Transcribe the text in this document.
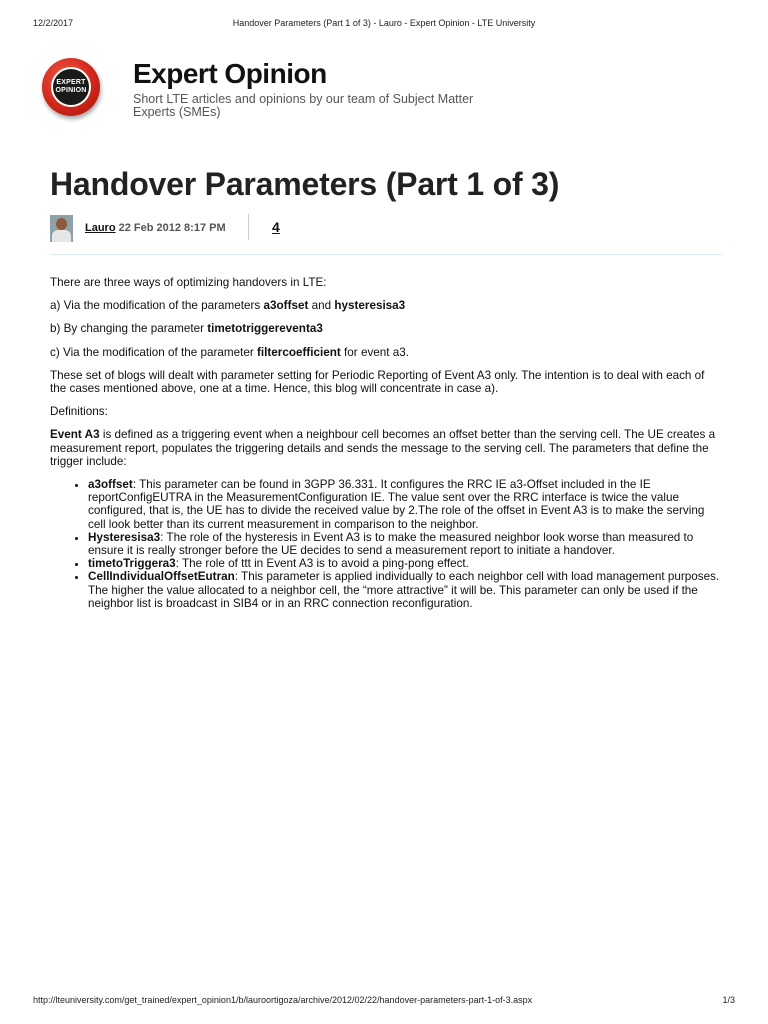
Handover Parameters (Part 1 of 3) - Lauro - Expert Opinion - LTE University
12/2/2017
EXPERT
OPINION
Expert Opinion
Short LTE articles and opinions by our team of Subject Matter Experts (SMEs)
Handover Parameters (Part 1 of 3)
Lauro 22 Feb 2012 8:17 PM	4

There are three ways of optimizing handovers in LTE:

a) Via the modification of the parameters a3offset and hysteresisa3

b) By changing the parameter timetotriggereventa3

c) Via the modification of the parameter filtercoefficient for event a3.

These set of blogs will dealt with parameter setting for Periodic Reporting of Event A3 only. The intention is to deal with each of the cases mentioned above, one at a time. Hence, this blog will concentrate in case a).

Definitions:

Event A3 is defined as a triggering event when a neighbour cell becomes an offset better than the serving cell. The UE creates a measurement report, populates the triggering details and sends the message to the serving cell. The parameters that define the trigger include:

• a3offset: This parameter can be found in 3GPP 36.331. It configures the RRC IE a3-Offset included in the IE reportConfigEUTRA in the MeasurementConfiguration IE. The value sent over the RRC interface is twice the value configured, that is, the UE has to divide the received value by 2.The role of the offset in Event A3 is to make the serving cell look better than its current measurement in comparison to the neighbor.
• Hysteresisa3: The role of the hysteresis in Event A3 is to make the measured neighbor look worse than measured to ensure it is really stronger before the UE decides to send a measurement report to initiate a handover.
• timetoTriggera3: The role of ttt in Event A3 is to avoid a ping-pong effect.
• CellIndividualOffsetEutran: This parameter is applied individually to each neighbor cell with load management purposes. The higher the value allocated to a neighbor cell, the “more attractive” it will be. This parameter can only be used if the neighbor list is broadcast in SIB4 or in an RRC connection reconfiguration.
http://lteuniversity.com/get_trained/expert_opinion1/b/lauroortigoza/archive/2012/02/22/handover-parameters-part-1-of-3.aspx	1/3
